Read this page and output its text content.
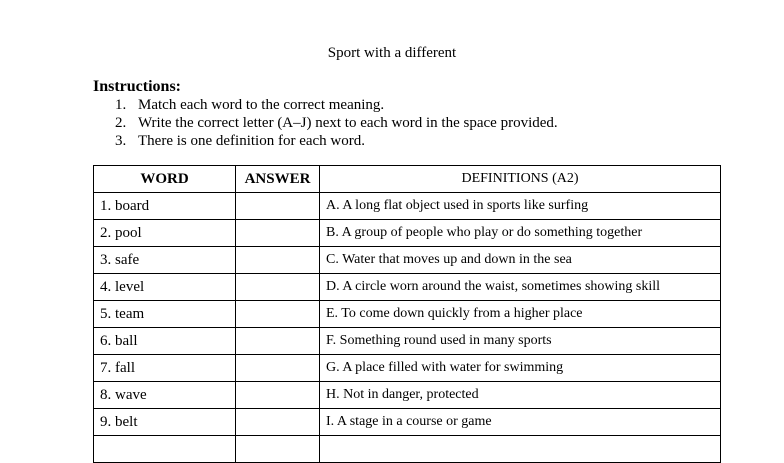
Sport with a different
Instructions:
1. Match each word to the correct meaning.
2. Write the correct letter (A–J) next to each word in the space provided.
3. There is one definition for each word.
WORD	ANSWER	DEFINITIONS (A2)
1. board		A. A long flat object used in sports like surfing
2. pool		B. A group of people who play or do something together
3. safe		C. Water that moves up and down in the sea
4. level		D. A circle worn around the waist, sometimes showing skill
5. team		E. To come down quickly from a higher place
6. ball		F. Something round used in many sports
7. fall		G. A place filled with water for swimming
8. wave		H. Not in danger, protected
9. belt		I. A stage in a course or game
